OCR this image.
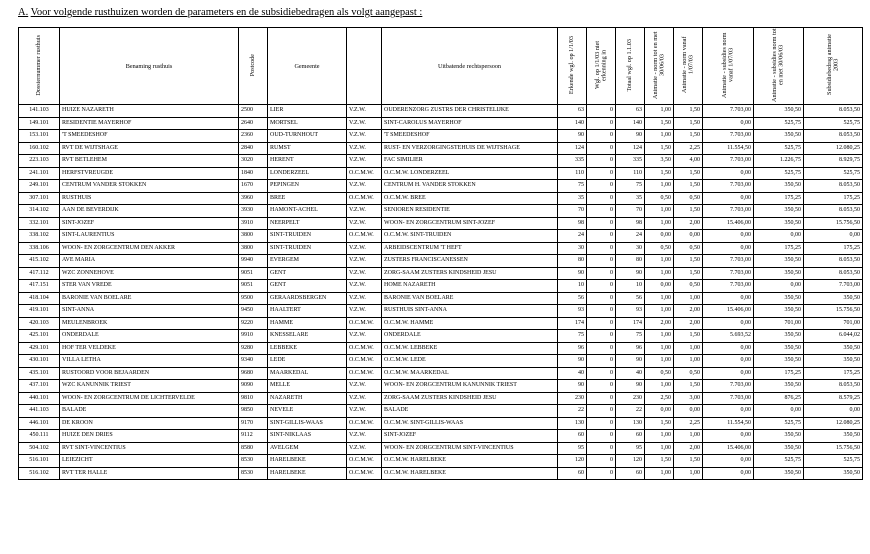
A. Voor volgende rusthuizen worden de parameters en de subsidiebedragen als volgt aangepast :
Dossiernummer rusthuis	Benaming rusthuis	Postcode	Gemeente		Uitbatende rechtspersoon	Erkende wgl. op 1/1/03	Wgl. op 1/1/03 niet erkenning in	Totaal wgl. op 1.1.03	Animatie - norm tot en met 30/06/03	Animatie - norm vanaf 1/07/03	Animatie - subsidies norm vanaf 1/07/03	Animatie - subsidies norm tot en met 30/06/03	Subsidiebedrag animatie 2003
141.103	HUIZE NAZARETH	2500	LIER	V.Z.W.	OUDERENZORG ZUSTRS DER CHRISTELIJKE	63	0	63	1,00	1,50	7.703,00	350,50	8.053,50
149.101	RESIDENTIE MAYERHOF	2640	MORTSEL	V.Z.W.	SINT-CAROLUS MAYERHOF	140	0	140	1,50	1,50	0,00	525,75	525,75
153.101	'T SMEEDESHOF	2360	OUD-TURNHOUT	V.Z.W.	'T SMEEDESHOF	90	0	90	1,00	1,50	7.703,00	350,50	8.053,50
160.102	RVT DE WIJTSHAGE	2840	RUMST	V.Z.W.	RUST- EN VERZORGINGSTEHUIS DE WIJTSHAGE	124	0	124	1,50	2,25	11.554,50	525,75	12.080,25
223.103	RVT BETLEHEM	3020	HERENT	V.Z.W.	FAC SIMILIER	335	0	335	3,50	4,00	7.703,00	1.226,75	8.929,75
241.101	HERFSTVREUGDE	1840	LONDERZEEL	O.C.M.W.	O.C.M.W. LONDERZEEL	110	0	110	1,50	1,50	0,00	525,75	525,75
249.101	CENTRUM VANDER STOKKEN	1670	PEPINGEN	V.Z.W.	CENTRUM H. VANDER STOKKEN	75	0	75	1,00	1,50	7.703,00	350,50	8.053,50
307.101	RUSTHUIS	3960	BREE	O.C.M.W.	O.C.M.W. BREE	35	0	35	0,50	0,50	0,00	175,25	175,25
314.102	AAN DE BEVERDIJK	3930	HAMONT-ACHEL	V.Z.W.	SENIOREN RESIDENTIE	70	0	70	1,00	1,50	7.703,00	350,50	8.053,50
332.101	SINT-JOZEF	3910	NEERPELT	V.Z.W.	WOON- EN ZORGCENTRUM SINT-JOZEF	98	0	98	1,00	2,00	15.406,00	350,50	15.756,50
338.102	SINT-LAURENTIUS	3800	SINT-TRUIDEN	O.C.M.W.	O.C.M.W. SINT-TRUIDEN	24	0	24	0,00	0,00	0,00	0,00	0,00
338.106	WOON- EN ZORGCENTRUM DEN AKKER	3800	SINT-TRUIDEN	V.Z.W.	ARBEIDSCENTRUM 'T HEFT	30	0	30	0,50	0,50	0,00	175,25	175,25
415.102	AVE MARIA	9940	EVERGEM	V.Z.W.	ZUSTERS FRANCISCANESSEN	80	0	80	1,00	1,50	7.703,00	350,50	8.053,50
417.112	WZC ZONNEHOVE	9051	GENT	V.Z.W.	ZORG-SAAM ZUSTERS KINDSHEID JESU	90	0	90	1,00	1,50	7.703,00	350,50	8.053,50
417.151	STER VAN VREDE	9051	GENT	V.Z.W.	HOME NAZARETH	10	0	10	0,00	0,50	7.703,00	0,00	7.703,00
418.104	BARONIE VAN BOELARE	9500	GERAARDSBERGEN	V.Z.W.	BARONIE VAN BOELARE	56	0	56	1,00	1,00	0,00	350,50	350,50
419.101	SINT-ANNA	9450	HAALTERT	V.Z.W.	RUSTHUIS SINT-ANNA	93	0	93	1,00	2,00	15.406,00	350,50	15.756,50
420.103	MEULENBROEK	9220	HAMME	O.C.M.W.	O.C.M.W. HAMME	174	0	174	2,00	2,00	0,00	701,00	701,00
425.101	ONDERDALE	9910	KNESSELARE	V.Z.W.	ONDERDALE	75	0	75	1,00	1,50	5.693,52	350,50	6.044,02
429.101	HOF TER VELDEKE	9280	LEBBEKE	O.C.M.W.	O.C.M.W. LEBBEKE	96	0	96	1,00	1,00	0,00	350,50	350,50
430.101	VILLA LETHA	9340	LEDE	O.C.M.W.	O.C.M.W. LEDE	90	0	90	1,00	1,00	0,00	350,50	350,50
435.101	RUSTOORD VOOR BEJAARDEN	9680	MAARKEDAL	O.C.M.W.	O.C.M.W. MAARKEDAL	40	0	40	0,50	0,50	0,00	175,25	175,25
437.101	WZC KANUNNIK TRIEST	9090	MELLE	V.Z.W.	WOON- EN ZORGCENTRUM KANUNNIK TRIEST	90	0	90	1,00	1,50	7.703,00	350,50	8.053,50
440.101	WOON- EN ZORGCENTRUM DE LICHTERVELDE	9810	NAZARETH	V.Z.W.	ZORG-SAAM ZUSTERS KINDSHEID JESU	230	0	230	2,50	3,00	7.703,00	876,25	8.579,25
441.103	BALADE	9850	NEVELE	V.Z.W.	BALADE	22	0	22	0,00	0,00	0,00	0,00	0,00
446.101	DE KROON	9170	SINT-GILLIS-WAAS	O.C.M.W.	O.C.M.W. SINT-GILLIS-WAAS	130	0	130	1,50	2,25	11.554,50	525,75	12.080,25
450.111	HUIZE DEN DRIES	9112	SINT-NIKLAAS	V.Z.W.	SINT-JOZEF	60	0	60	1,00	1,00	0,00	350,50	350,50
504.102	RVT SINT-VINCENTIUS	8580	AVELGEM	V.Z.W.	WOON- EN ZORGCENTRUM SINT-VINCENTIUS	95	0	95	1,00	2,00	15.406,00	350,50	15.756,50
516.101	LEIEZICHT	8530	HARELBEKE	O.C.M.W.	O.C.M.W. HARELBEKE	120	0	120	1,50	1,50	0,00	525,75	525,75
516.102	RVT TER HALLE	8530	HARELBEKE	O.C.M.W.	O.C.M.W. HARELBEKE	60	0	60	1,00	1,00	0,00	350,50	350,50
